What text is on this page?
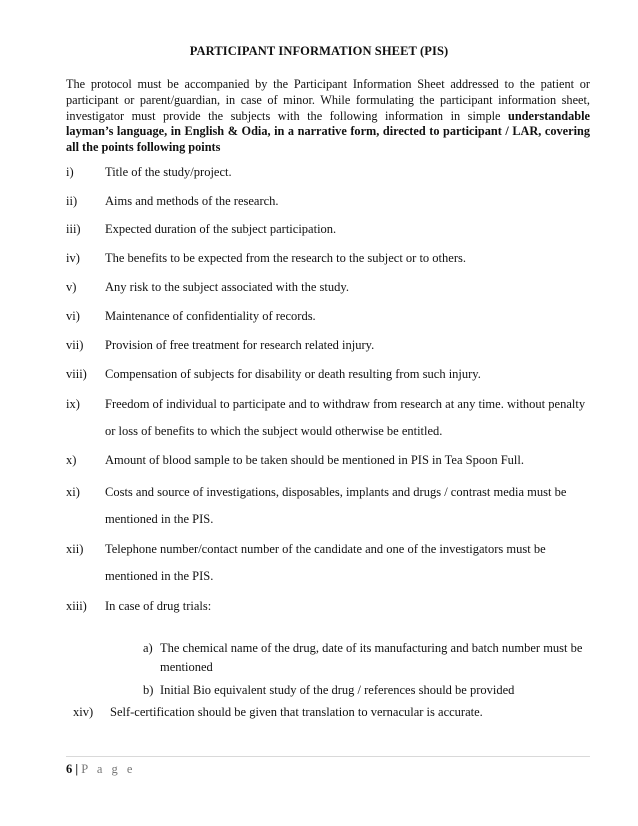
PARTICIPANT INFORMATION SHEET (PIS)
The protocol must be accompanied by the Participant Information Sheet addressed to the patient or participant or parent/guardian, in case of minor. While formulating the participant information sheet, investigator must provide the subjects with the following information in simple understandable layman’s language, in English & Odia, in a narrative form, directed to participant / LAR, covering all the points following points
i)	Title of the study/project.
ii) Aims and methods of the research.
iii) Expected duration of the subject participation.
iv) The benefits to be expected from the research to the subject or to others.
v) Any risk to the subject associated with the study.
vi) Maintenance of confidentiality of records.
vii) Provision of free treatment for research related injury.
viii) Compensation of subjects for disability or death resulting from such injury.
ix) Freedom of individual to participate and to withdraw from research at any time. without penalty
or loss of benefits to which the subject would otherwise be entitled.
x) Amount of blood sample to be taken should be mentioned in PIS in Tea Spoon Full.
xi) Costs and source of investigations, disposables, implants and drugs / contrast media must be
mentioned in the PIS.
xii) Telephone number/contact number of the candidate and one of the investigators must be
mentioned in the PIS.
xiii) In case of drug trials:
a) The chemical name of the drug, date of its manufacturing and batch number must be
mentioned
b) Initial Bio equivalent study of the drug / references should be provided
xiv) Self-certification should be given that translation to vernacular is accurate.
6 | P a g e
